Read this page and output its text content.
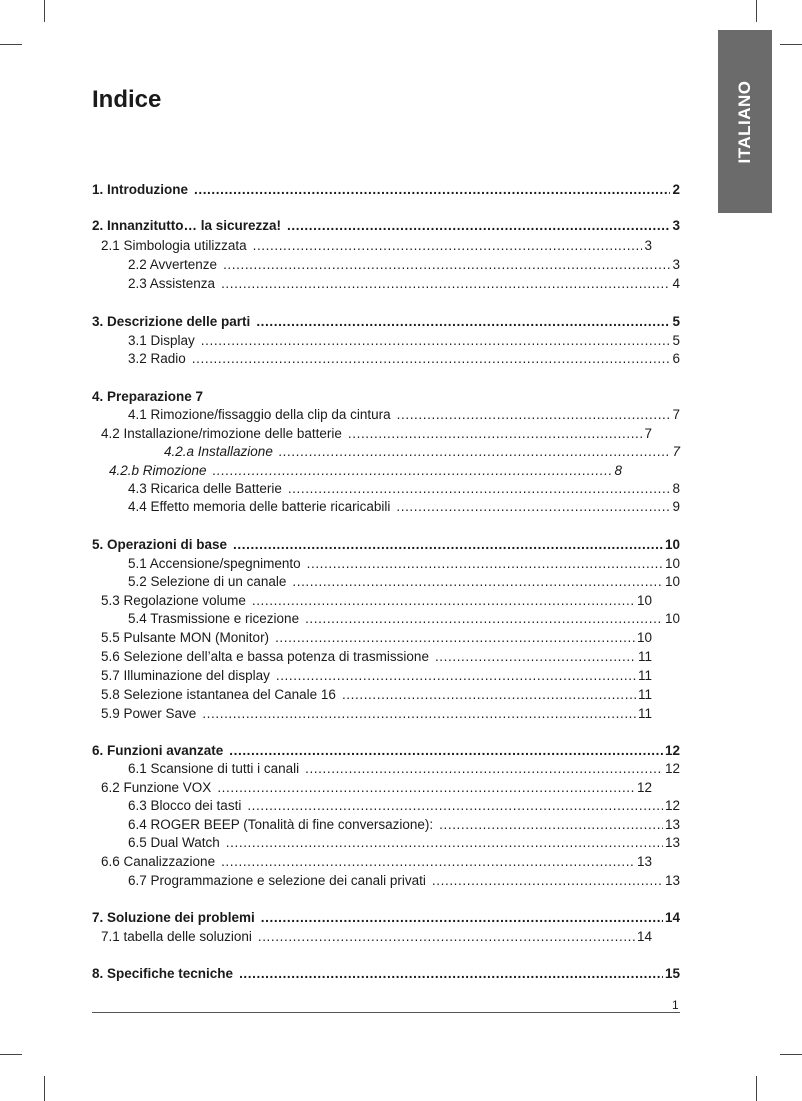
ITALIANO
Indice
1. Introduzione .....	2
2. Innanzitutto… la sicurezza! .....	3
2.1 Simbologia utilizzata .....	3
2.2 Avvertenze .....	3
2.3 Assistenza .....	4
3. Descrizione delle parti .....	5
3.1 Display .....	5
3.2 Radio .....	6
4. Preparazione 7
4.1 Rimozione/fissaggio della clip da cintura .....	7
4.2 Installazione/rimozione delle batterie .....	7
4.2.a Installazione .....	7
4.2.b Rimozione .....	8
4.3 Ricarica delle Batterie .....	8
4.4 Effetto memoria delle batterie ricaricabili .....	9
5. Operazioni di base .....	10
5.1 Accensione/spegnimento .....	10
5.2 Selezione di un canale .....	10
5.3 Regolazione volume .....	10
5.4 Trasmissione e ricezione .....	10
5.5 Pulsante MON (Monitor) .....	10
5.6 Selezione dell’alta e bassa potenza di trasmissione .....	11
5.7 Illuminazione del display .....	11
5.8 Selezione istantanea del Canale 16 .....	11
5.9 Power Save .....	11
6. Funzioni avanzate .....	12
6.1 Scansione di tutti i canali .....	12
6.2 Funzione VOX .....	12
6.3 Blocco dei tasti .....	12
6.4 ROGER BEEP (Tonalità di fine conversazione): .....	13
6.5 Dual Watch .....	13
6.6 Canalizzazione .....	13
6.7 Programmazione e selezione dei canali privati .....	13
7. Soluzione dei problemi .....	14
7.1 tabella delle soluzioni .....	14
8. Specifiche tecniche .....	15
1
